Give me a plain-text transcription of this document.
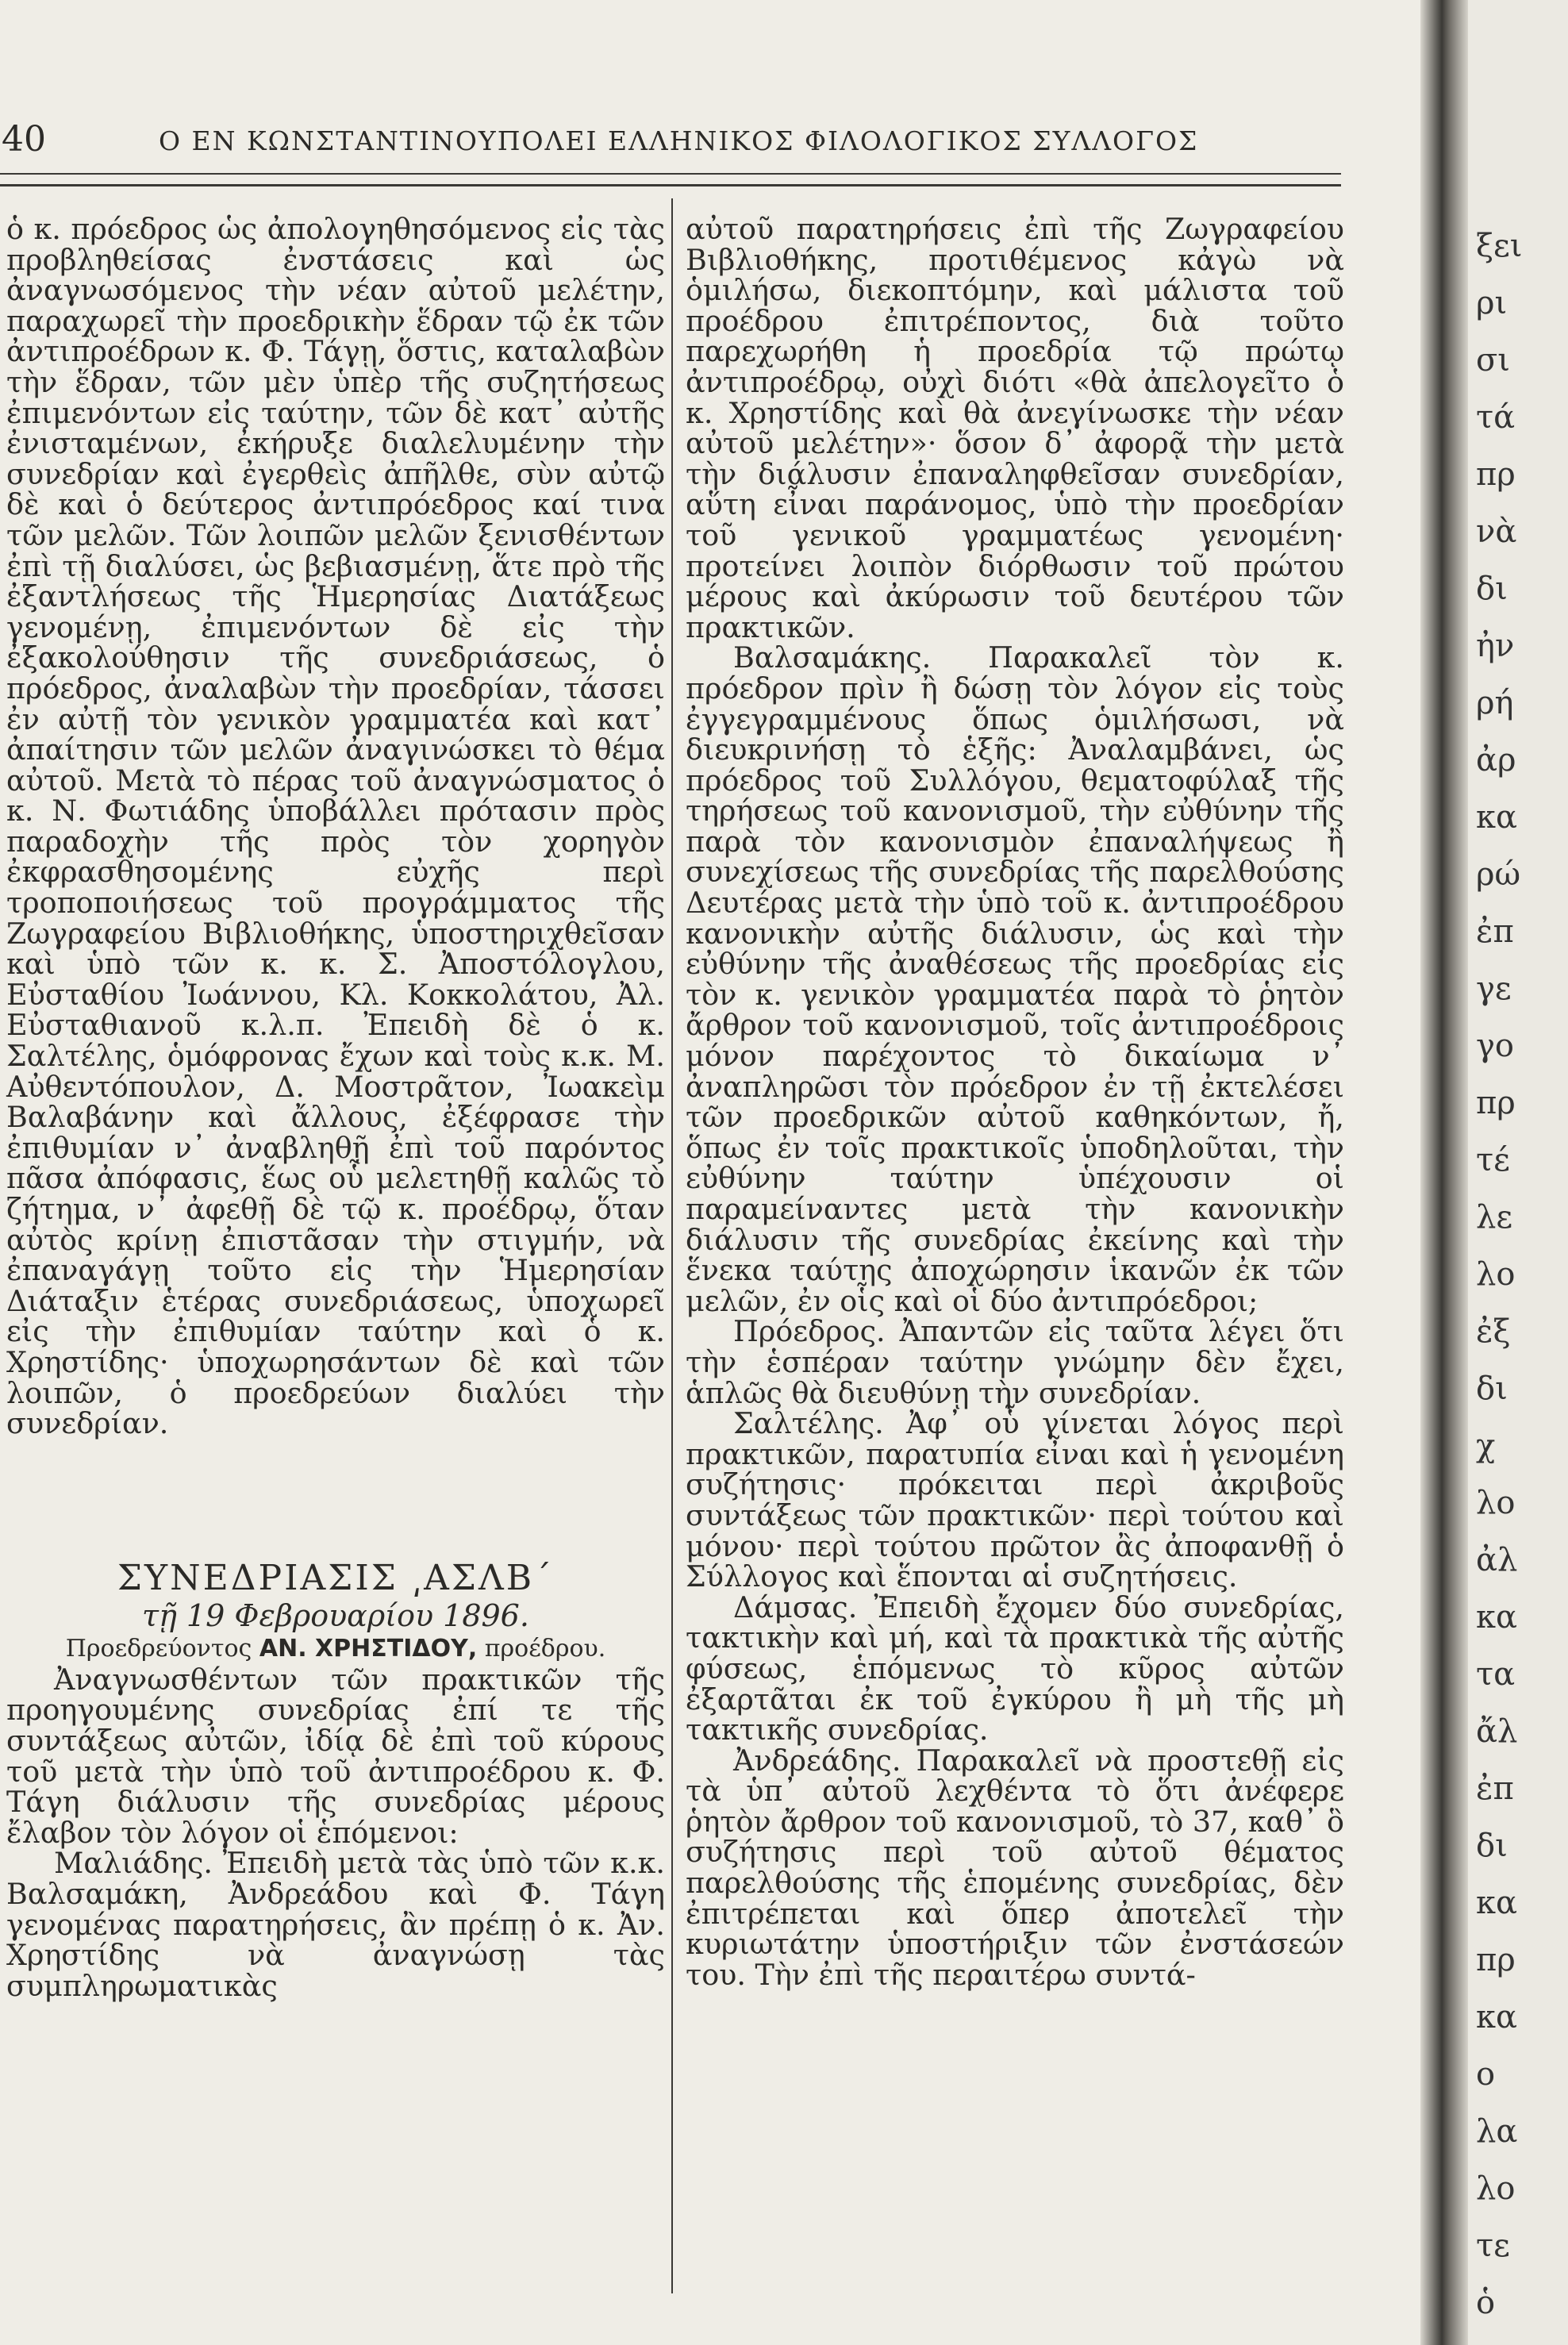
40	Ο ΕΝ ΚΩΝΣΤΑΝΤΙΝΟΥΠΟΛΕΙ ΕΛΛΗΝΙΚΟΣ ΦΙΛΟΛΟΓΙΚΟΣ ΣΥΛΛΟΓΟΣ

ὁ κ. πρόεδρος ὡς ἀπολογηθησόμενος εἰς τὰς προβληθείσας ἐνστάσεις καὶ ὡς ἀναγνωσόμενος τὴν νέαν αὐτοῦ μελέτην, παραχωρεῖ τὴν προεδρικὴν ἕδραν τῷ ἐκ τῶν ἀντιπροέδρων κ. Φ. Τάγῃ, ὅστις, καταλαβὼν τὴν ἕδραν, τῶν μὲν ὑπὲρ τῆς συζητήσεως ἐπιμενόντων εἰς ταύτην, τῶν δὲ κατ᾽ αὐτῆς ἐνισταμένων, ἐκήρυξε διαλελυμένην τὴν συνεδρίαν καὶ ἐγερθεὶς ἀπῆλθε, σὺν αὐτῷ δὲ καὶ ὁ δεύτερος ἀντιπρόεδρος καί τινα τῶν μελῶν. Τῶν λοιπῶν μελῶν ξενισθέντων ἐπὶ τῇ διαλύσει, ὡς βεβιασμένῃ, ἅτε πρὸ τῆς ἐξαντλήσεως τῆς Ἡμερησίας Διατάξεως γενομένῃ, ἐπιμενόντων δὲ εἰς τὴν ἐξακολούθησιν τῆς συνεδριάσεως, ὁ πρόεδρος, ἀναλαβὼν τὴν προεδρίαν, τάσσει ἐν αὐτῇ τὸν γενικὸν γραμματέα καὶ κατ᾽ ἀπαίτησιν τῶν μελῶν ἀναγινώσκει τὸ θέμα αὐτοῦ. Μετὰ τὸ πέρας τοῦ ἀναγνώσματος ὁ κ. Ν. Φωτιάδης ὑποβάλλει πρότασιν πρὸς παραδοχὴν τῆς πρὸς τὸν χορηγὸν ἐκφρασθησομένης εὐχῆς περὶ τροποποιήσεως τοῦ προγράμματος τῆς Ζωγραφείου Βιβλιοθήκης, ὑποστηριχθεῖσαν καὶ ὑπὸ τῶν κ. κ. Σ. Ἀποστόλογλου, Εὐσταθίου Ἰωάννου, Κλ. Κοκκολάτου, Ἀλ. Εὐσταθιανοῦ κ.λ.π. Ἐπειδὴ δὲ ὁ κ. Σαλτέλης, ὁμόφρονας ἔχων καὶ τοὺς κ.κ. Μ. Αὐθεντόπουλον, Δ. Μοστρᾶτον, Ἰωακεὶμ Βαλαβάνην καὶ ἄλλους, ἐξέφρασε τὴν ἐπιθυμίαν ν᾽ ἀναβληθῇ ἐπὶ τοῦ παρόντος πᾶσα ἀπόφασις, ἕως οὗ μελετηθῇ καλῶς τὸ ζήτημα, ν᾽ ἀφεθῇ δὲ τῷ κ. προέδρῳ, ὅταν αὐτὸς κρίνῃ ἐπιστᾶσαν τὴν στιγμήν, νὰ ἐπαναγάγῃ τοῦτο εἰς τὴν Ἡμερησίαν Διάταξιν ἑτέρας συνεδριάσεως, ὑποχωρεῖ εἰς τὴν ἐπιθυμίαν ταύτην καὶ ὁ κ. Χρηστίδης· ὑποχωρησάντων δὲ καὶ τῶν λοιπῶν, ὁ προεδρεύων διαλύει τὴν συνεδρίαν.

ΣΥΝΕΔΡΙΑΣΙΣ ͵ΑΣΛΒ΄

τῇ 19 Φεβρουαρίου 1896.

Προεδρεύοντος ΑΝ. ΧΡΗΣΤΙΔΟΥ, προέδρου.

Ἀναγνωσθέντων τῶν πρακτικῶν τῆς προηγουμένης συνεδρίας ἐπί τε τῆς συντάξεως αὐτῶν, ἰδίᾳ δὲ ἐπὶ τοῦ κύρους τοῦ μετὰ τὴν ὑπὸ τοῦ ἀντιπροέδρου κ. Φ. Τάγη διάλυσιν τῆς συνεδρίας μέρους ἔλαβον τὸν λόγον οἱ ἑπόμενοι:

Μαλιάδης. Ἐπειδὴ μετὰ τὰς ὑπὸ τῶν κ.κ. Βαλσαμάκη, Ἀνδρεάδου καὶ Φ. Τάγη γενομένας παρατηρήσεις, ἂν πρέπῃ ὁ κ. Ἀν. Χρηστίδης νὰ ἀναγνώσῃ τὰς συμπληρωματικὰς

αὐτοῦ παρατηρήσεις ἐπὶ τῆς Ζωγραφείου Βιβλιοθήκης, προτιθέμενος κἀγὼ νὰ ὁμιλήσω, διεκοπτόμην, καὶ μάλιστα τοῦ προέδρου ἐπιτρέποντος, διὰ τοῦτο παρεχωρήθη ἡ προεδρία τῷ πρώτῳ ἀντιπροέδρῳ, οὐχὶ διότι «θὰ ἀπελογεῖτο ὁ κ. Χρηστίδης καὶ θὰ ἀνεγίνωσκε τὴν νέαν αὐτοῦ μελέτην»· ὅσον δ᾽ ἀφορᾷ τὴν μετὰ τὴν διάλυσιν ἐπαναληφθεῖσαν συνεδρίαν, αὕτη εἶναι παράνομος, ὑπὸ τὴν προεδρίαν τοῦ γενικοῦ γραμματέως γενομένη· προτείνει λοιπὸν διόρθωσιν τοῦ πρώτου μέρους καὶ ἀκύρωσιν τοῦ δευτέρου τῶν πρακτικῶν.

Βαλσαμάκης. Παρακαλεῖ τὸν κ. πρόεδρον πρὶν ἢ δώσῃ τὸν λόγον εἰς τοὺς ἐγγεγραμμένους ὅπως ὁμιλήσωσι, νὰ διευκρινήσῃ τὸ ἑξῆς: Ἀναλαμβάνει, ὡς πρόεδρος τοῦ Συλλόγου, θεματοφύλαξ τῆς τηρήσεως τοῦ κανονισμοῦ, τὴν εὐθύνην τῆς παρὰ τὸν κανονισμὸν ἐπαναλήψεως ἢ συνεχίσεως τῆς συνεδρίας τῆς παρελθούσης Δευτέρας μετὰ τὴν ὑπὸ τοῦ κ. ἀντιπροέδρου κανονικὴν αὐτῆς διάλυσιν, ὡς καὶ τὴν εὐθύνην τῆς ἀναθέσεως τῆς προεδρίας εἰς τὸν κ. γενικὸν γραμματέα παρὰ τὸ ῥητὸν ἄρθρον τοῦ κανονισμοῦ, τοῖς ἀντιπροέδροις μόνον παρέχοντος τὸ δικαίωμα ν᾽ ἀναπληρῶσι τὸν πρόεδρον ἐν τῇ ἐκτελέσει τῶν προεδρικῶν αὐτοῦ καθηκόντων, ἤ, ὅπως ἐν τοῖς πρακτικοῖς ὑποδηλοῦται, τὴν εὐθύνην ταύτην ὑπέχουσιν οἱ παραμείναντες μετὰ τὴν κανονικὴν διάλυσιν τῆς συνεδρίας ἐκείνης καὶ τὴν ἕνεκα ταύτης ἀποχώρησιν ἱκανῶν ἐκ τῶν μελῶν, ἐν οἷς καὶ οἱ δύο ἀντιπρόεδροι;

Πρόεδρος. Ἀπαντῶν εἰς ταῦτα λέγει ὅτι τὴν ἑσπέραν ταύτην γνώμην δὲν ἔχει, ἁπλῶς θὰ διευθύνῃ τὴν συνεδρίαν.

Σαλτέλης. Ἀφ᾽ οὗ γίνεται λόγος περὶ πρακτικῶν, παρατυπία εἶναι καὶ ἡ γενομένη συζήτησις· πρόκειται περὶ ἀκριβοῦς συντάξεως τῶν πρακτικῶν· περὶ τούτου καὶ μόνου· περὶ τούτου πρῶτον ἂς ἀποφανθῇ ὁ Σύλλογος καὶ ἕπονται αἱ συζητήσεις.

Δάμσας. Ἐπειδὴ ἔχομεν δύο συνεδρίας, τακτικὴν καὶ μή, καὶ τὰ πρακτικὰ τῆς αὐτῆς φύσεως, ἑπόμενως τὸ κῦρος αὐτῶν ἐξαρτᾶται ἐκ τοῦ ἐγκύρου ἢ μὴ τῆς μὴ τακτικῆς συνεδρίας.

Ἀνδρεάδης. Παρακαλεῖ νὰ προστεθῇ εἰς τὰ ὑπ᾽ αὐτοῦ λεχθέντα τὸ ὅτι ἀνέφερε ῥητὸν ἄρθρον τοῦ κανονισμοῦ, τὸ 37, καθ᾽ ὃ συζήτησις περὶ τοῦ αὐτοῦ θέματος παρελθούσης τῆς ἑπομένης συνεδρίας, δὲν ἐπιτρέπεται καὶ ὅπερ ἀποτελεῖ τὴν κυριωτάτην ὑποστήριξιν τῶν ἐνστάσεών του. Τὴν ἐπὶ τῆς περαιτέρω συντά-

ξει
ρι
σι
τά
πρ
νὰ
δι
ἠν
ρή
ἀρ
κα
ρώ
ἐπ
γε
γο
πρ
τέ
λε
λο
ἐξ
δι
χ
λο
ἀλ
κα
τα
ἄλ
ἐπ
δι
κα
πρ
κα
ο
λα
λο
τε
ὁ
